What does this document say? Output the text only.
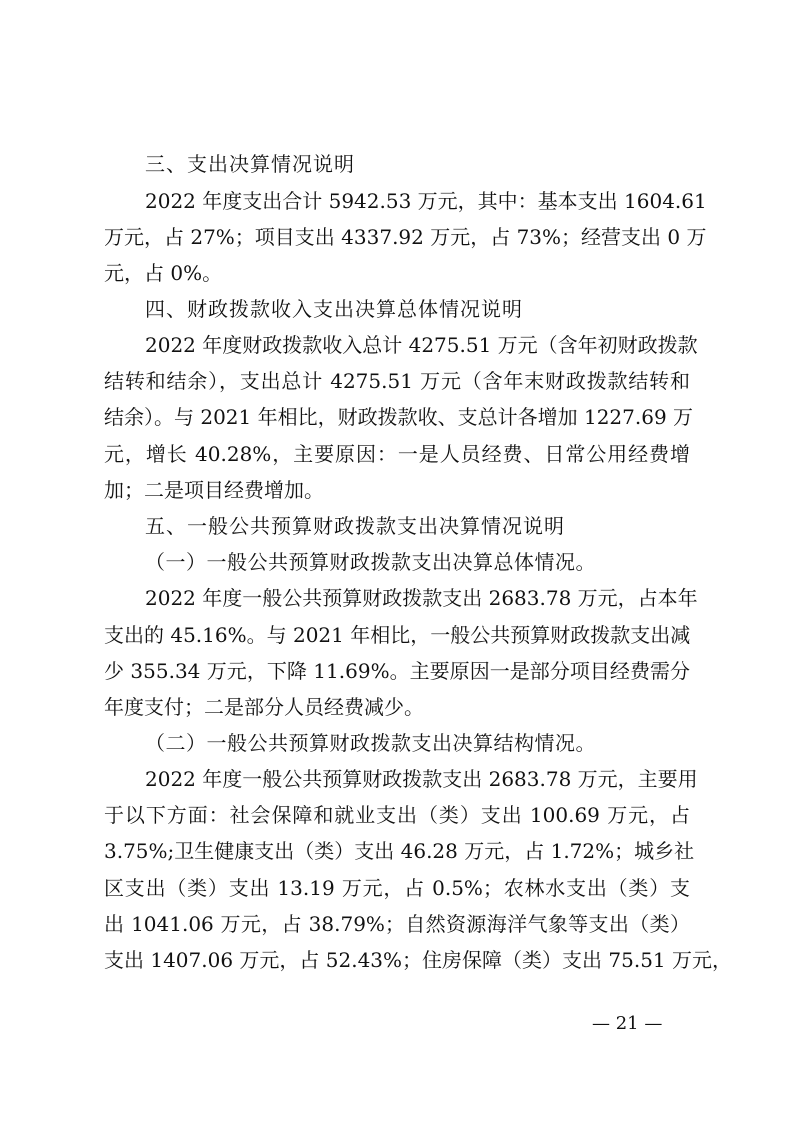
三、支出决算情况说明
2022 年度支出合计 5942.53 万元，其中：基本支出 1604.61
万元，占 27%；项目支出 4337.92 万元，占 73%；经营支出 0 万
元，占 0%。
四、财政拨款收入支出决算总体情况说明
2022 年度财政拨款收入总计 4275.51 万元（含年初财政拨款
结转和结余），支出总计 4275.51 万元（含年末财政拨款结转和
结余）。与 2021 年相比，财政拨款收、支总计各增加 1227.69 万
元，增长 40.28%，主要原因：一是人员经费、日常公用经费增
加；二是项目经费增加。
五、一般公共预算财政拨款支出决算情况说明
（一）一般公共预算财政拨款支出决算总体情况。
2022 年度一般公共预算财政拨款支出 2683.78 万元，占本年
支出的 45.16%。与 2021 年相比，一般公共预算财政拨款支出减
少 355.34 万元，下降 11.69%。主要原因一是部分项目经费需分
年度支付；二是部分人员经费减少。
（二）一般公共预算财政拨款支出决算结构情况。
2022 年度一般公共预算财政拨款支出 2683.78 万元，主要用
于以下方面：社会保障和就业支出（类）支出 100.69 万元，占
3.75%;卫生健康支出（类）支出 46.28 万元，占 1.72%；城乡社
区支出（类）支出 13.19 万元，占 0.5%；农林水支出（类）支
出 1041.06 万元，占 38.79%；自然资源海洋气象等支出（类）
支出 1407.06 万元，占 52.43%；住房保障（类）支出 75.51 万元，
— 21 —
